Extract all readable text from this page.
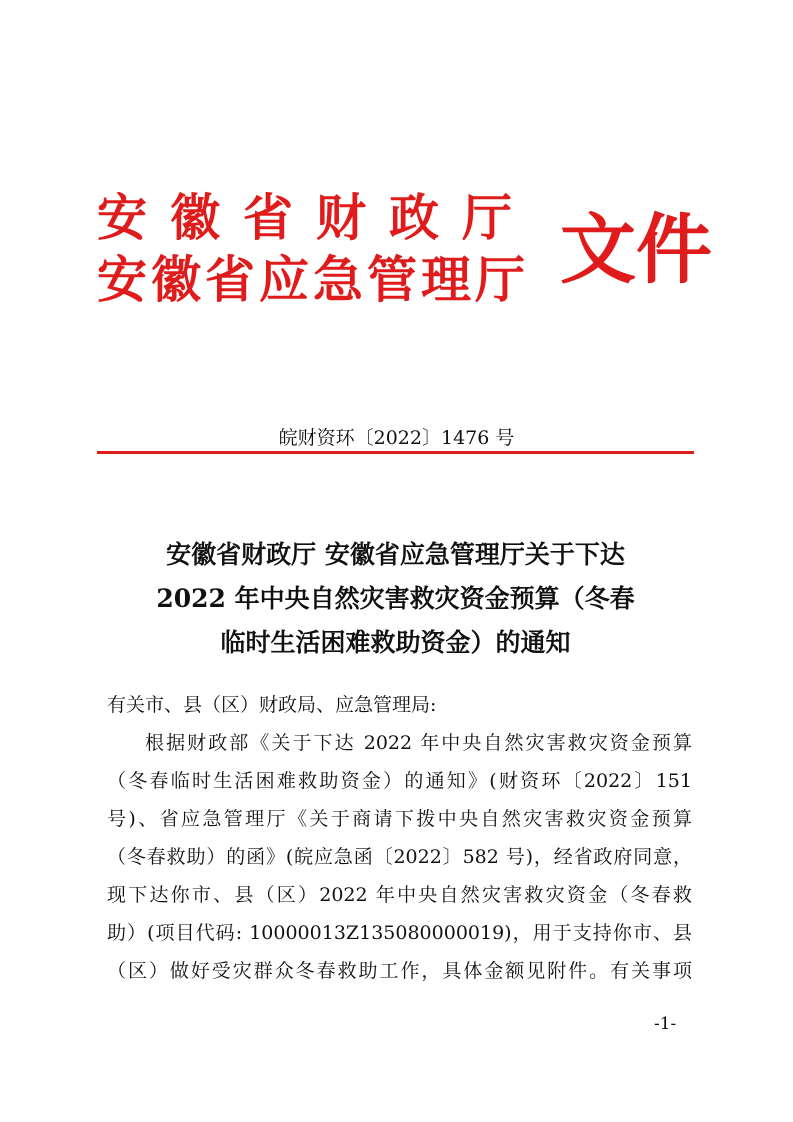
安徽省财政厅
安徽省应急管理厅 文件
皖财资环〔2022〕1476 号
安徽省财政厅 安徽省应急管理厅关于下达
2022 年中央自然灾害救灾资金预算（冬春
临时生活困难救助资金）的通知

有关市、县（区）财政局、应急管理局:

根据财政部《关于下达 2022 年中央自然灾害救灾资金预算

（冬春临时生活困难救助资金）的通知》(财资环〔2022〕151

号)、省应急管理厅《关于商请下拨中央自然灾害救灾资金预算

（冬春救助）的函》(皖应急函〔2022〕582 号)，经省政府同意，

现下达你市、县（区）2022 年中央自然灾害救灾资金（冬春救

助）(项目代码: 10000013Z135080000019)，用于支持你市、县

（区）做好受灾群众冬春救助工作，具体金额见附件。有关事项

-1-
